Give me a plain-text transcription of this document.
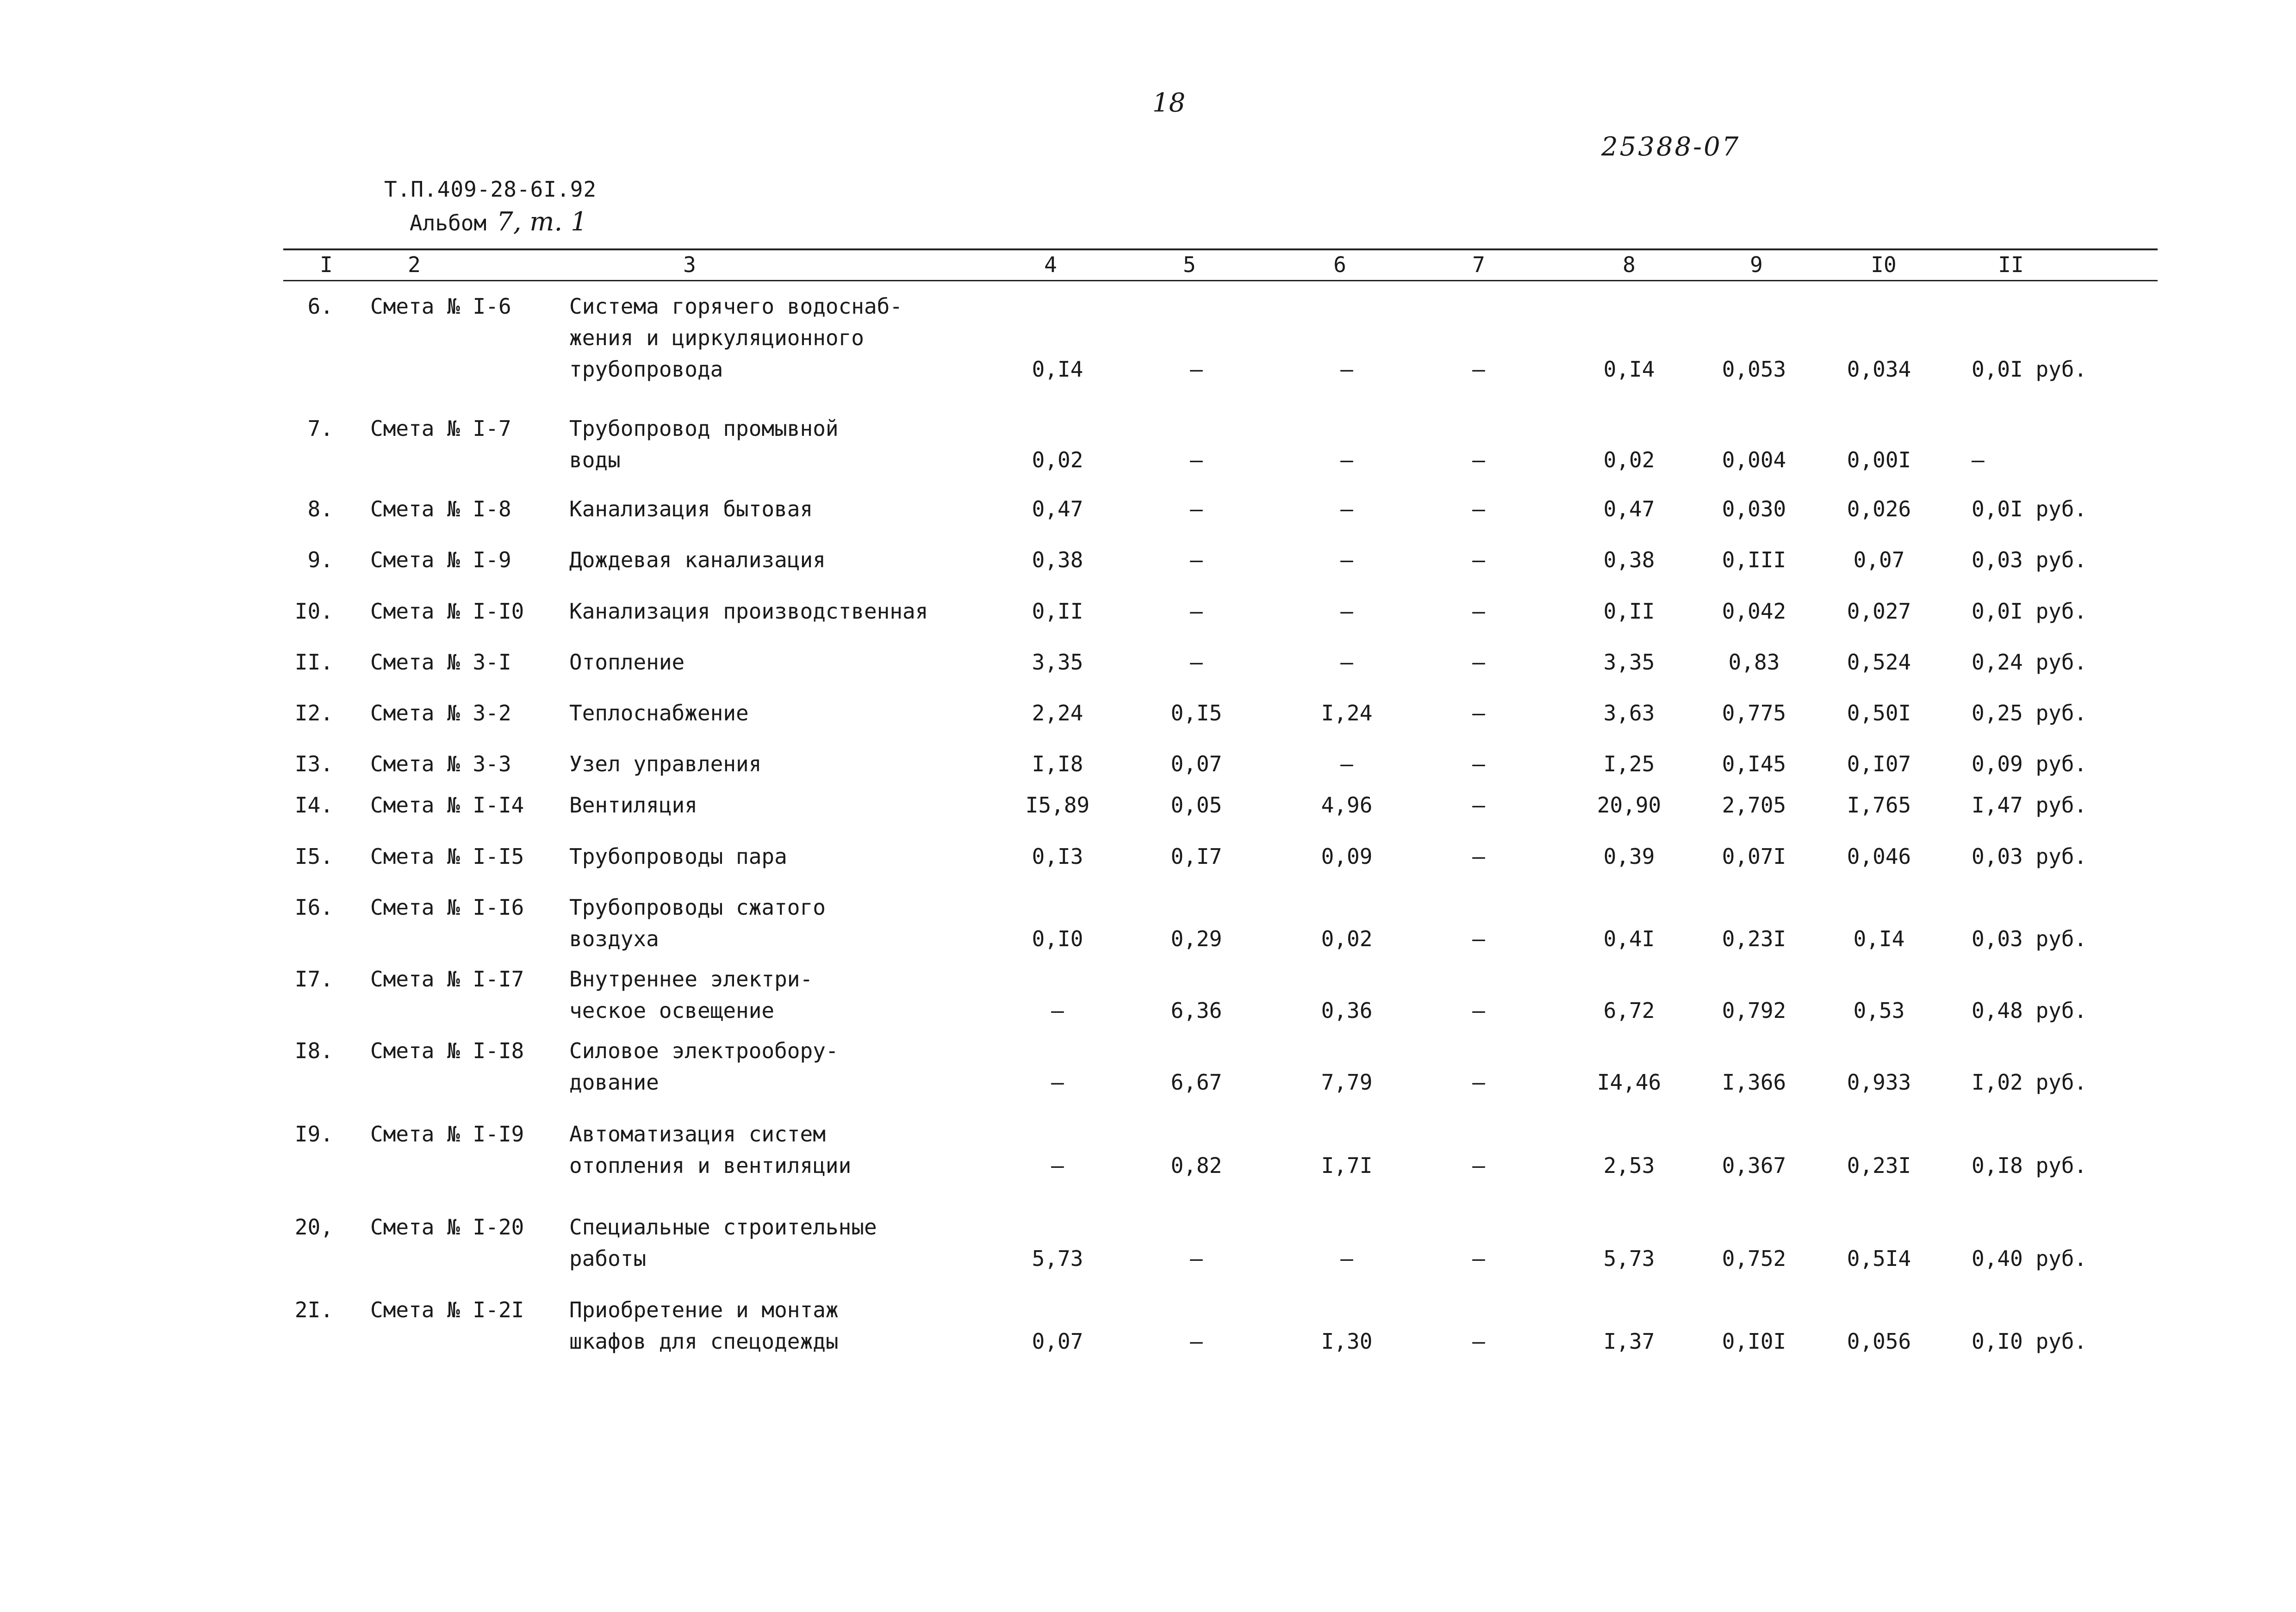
18
25388-07
Т.П.409-28-6I.92
Альбом 7, т. 1
I	2	3	4	5	6	7	8	9	I0	II
6. Смета № I-6	Система горячего водоснаб-
жения и циркуляционного
трубопровода	0,I4	–	–	–	0,I4	0,053	0,034	0,0I руб.
7. Смета № I-7	Трубопровод промывной
воды	0,02	–	–	–	0,02	0,004	0,00I	–
8. Смета № I-8	Канализация бытовая	0,47	–	–	–	0,47	0,030	0,026	0,0I руб.
9. Смета № I-9	Дождевая канализация	0,38	–	–	–	0,38	0,III	0,07	0,03 руб.
I0. Смета № I-I0 Канализация производственная	0,II	–	–	–	0,II	0,042	0,027	0,0I руб.
II. Смета № 3-I	Отопление	3,35	–	–	–	3,35	0,83	0,524	0,24 руб.
I2. Смета № 3-2	Теплоснабжение	2,24	0,I5	I,24	–	3,63	0,775	0,50I	0,25 руб.
I3. Смета № 3-3	Узел управления	I,I8	0,07	–	–	I,25	0,I45	0,I07	0,09 руб.
I4. Смета № I-I4 Вентиляция	I5,89	0,05	4,96	–	20,90	2,705	I,765	I,47 руб.
I5. Смета № I-I5 Трубопроводы пара	0,I3	0,I7	0,09	–	0,39	0,07I	0,046	0,03 руб.
I6. Смета № I-I6 Трубопроводы сжатого
воздуха	0,I0	0,29	0,02	–	0,4I	0,23I	0,I4	0,03 руб.
I7. Смета № I-I7 Внутреннее электри-
ческое освещение	–	6,36	0,36	–	6,72	0,792	0,53	0,48 руб.
I8. Смета № I-I8 Силовое электрообору-
дование	–	6,67	7,79	–	I4,46	I,366	0,933	I,02 руб.
I9. Смета № I-I9 Автоматизация систем
отопления и вентиляции	–	0,82	I,7I	–	2,53	0,367	0,23I	0,I8 руб.
20, Смета № I-20 Специальные строительные
работы	5,73	–	–	–	5,73	0,752	0,5I4	0,40 руб.
2I. Смета № I-2I Приобретение и монтаж
шкафов для спецодежды	0,07	–	I,30	–	I,37	0,I0I	0,056	0,I0 руб.
